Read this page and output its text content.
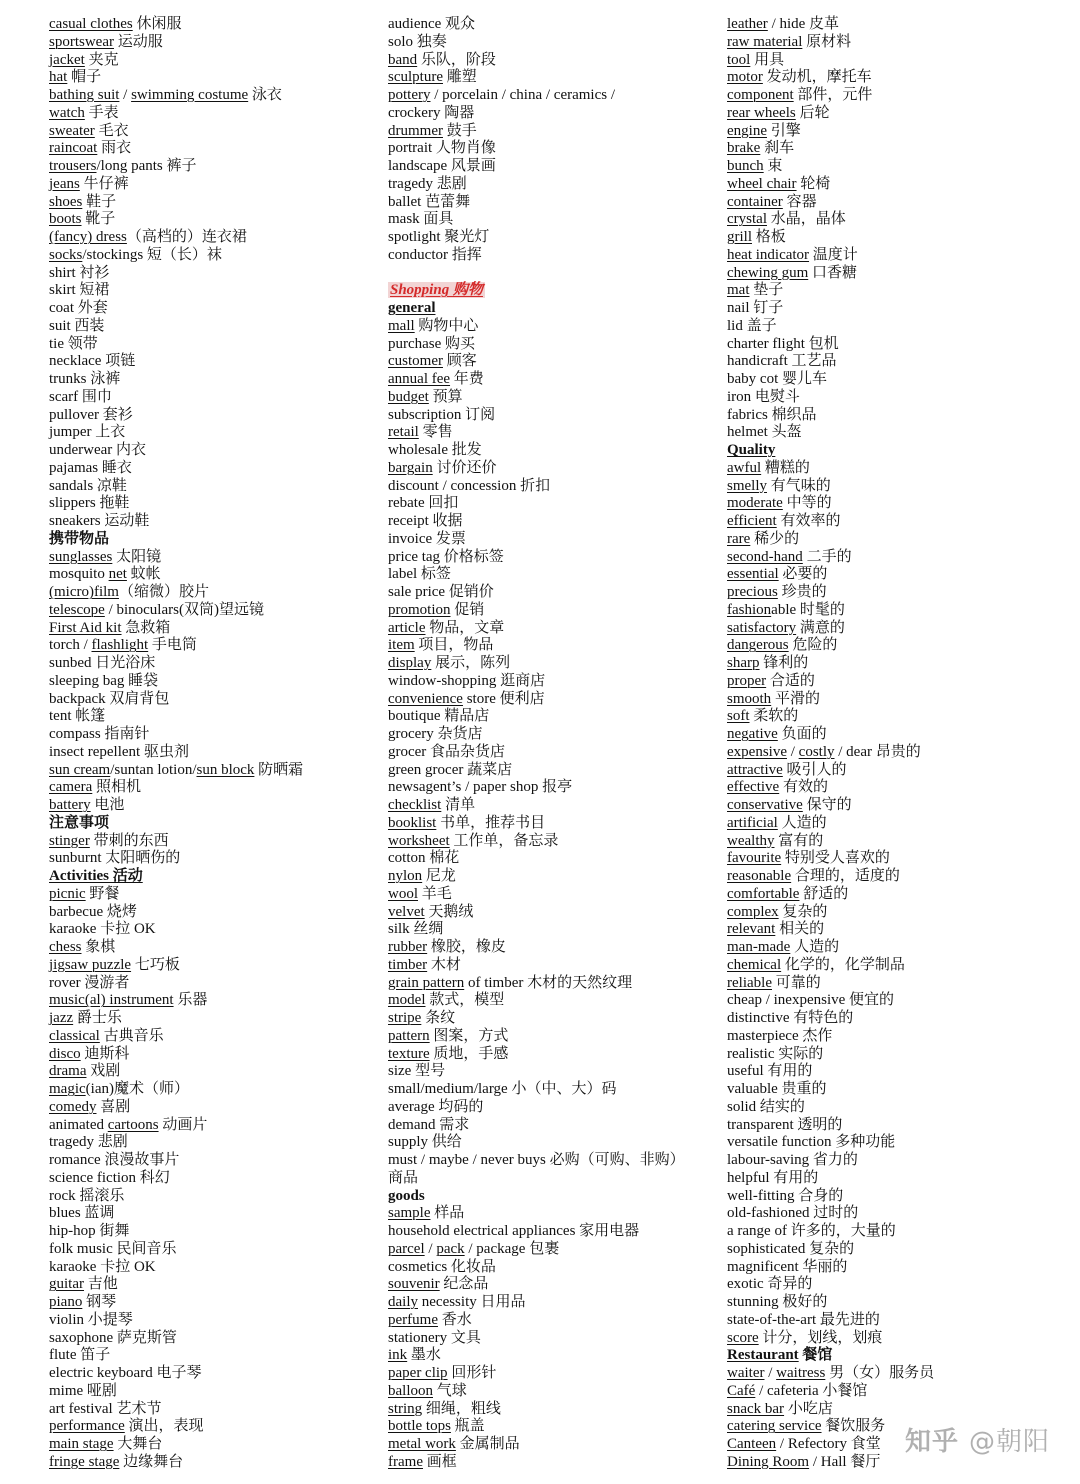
casual clothes 休闲服
sportswear 运动服
jacket 夹克
hat 帽子
bathing suit / swimming costume 泳衣
watch 手表
sweater 毛衣
raincoat 雨衣
trousers/long pants 裤子
jeans 牛仔裤
shoes 鞋子
boots 靴子
(fancy) dress（高档的）连衣裙
socks/stockings 短（长）袜
shirt 衬衫
skirt 短裙
coat 外套
suit 西装
tie 领带
necklace 项链
trunks 泳裤
scarf 围巾
pullover 套衫
jumper 上衣
underwear 内衣
pajamas 睡衣
sandals 凉鞋
slippers 拖鞋
sneakers 运动鞋
携带物品
sunglasses 太阳镜
mosquito net 蚊帐
(micro)film（缩微）胶片
telescope / binoculars(双筒)望远镜
First Aid kit 急救箱
torch / flashlight 手电筒
sunbed 日光浴床
sleeping bag 睡袋
backpack 双肩背包
tent 帐篷
compass 指南针
insect repellent 驱虫剂
sun cream/suntan lotion/sun block 防晒霜
camera 照相机
battery 电池
注意事项
stinger 带刺的东西
sunburnt 太阳晒伤的
Activities 活动
picnic 野餐
barbecue 烧烤
karaoke 卡拉 OK
chess 象棋
jigsaw puzzle 七巧板
rover 漫游者
music(al) instrument 乐器
jazz 爵士乐
classical 古典音乐
disco 迪斯科
drama 戏剧
magic(ian)魔术（师）
comedy 喜剧
animated cartoons 动画片
tragedy 悲剧
romance 浪漫故事片
science fiction 科幻
rock 摇滚乐
blues 蓝调
hip-hop 街舞
folk music 民间音乐
karaoke 卡拉 OK
guitar 吉他
piano 钢琴
violin 小提琴
saxophone 萨克斯管
flute 笛子
electric keyboard 电子琴
mime 哑剧
art festival 艺术节
performance 演出，表现
main stage 大舞台
fringe stage 边缘舞台
audience 观众
solo 独奏
band 乐队，阶段
sculpture 雕塑
pottery / porcelain / china / ceramics /
crockery 陶器
drummer 鼓手
portrait 人物肖像
landscape 风景画
tragedy 悲剧
ballet 芭蕾舞
mask 面具
spotlight 聚光灯
conductor 指挥
Shopping 购物
general
mall 购物中心
purchase 购买
customer 顾客
annual fee 年费
budget 预算
subscription 订阅
retail 零售
wholesale 批发
bargain 讨价还价
discount / concession 折扣
rebate 回扣
receipt 收据
invoice 发票
price tag 价格标签
label 标签
sale price 促销价
promotion 促销
article 物品，文章
item 项目，物品
display 展示，陈列
window-shopping 逛商店
convenience store 便利店
boutique 精品店
grocery 杂货店
grocer 食品杂货店
green grocer 蔬菜店
newsagent’s / paper shop 报亭
checklist 清单
booklist 书单，推荐书目
worksheet 工作单，备忘录
cotton 棉花
nylon 尼龙
wool 羊毛
velvet 天鹅绒
silk 丝绸
rubber 橡胶，橡皮
timber 木材
grain pattern of timber 木材的天然纹理
model 款式，模型
stripe 条纹
pattern 图案，方式
texture 质地，手感
size 型号
small/medium/large 小（中、大）码
average 均码的
demand 需求
supply 供给
must / maybe / never buys 必购（可购、非购）
商品
goods
sample 样品
household electrical appliances 家用电器
parcel / pack / package 包裹
cosmetics 化妆品
souvenir 纪念品
daily necessity 日用品
perfume 香水
stationery 文具
ink 墨水
paper clip 回形针
balloon 气球
string 细绳，粗线
bottle tops 瓶盖
metal work 金属制品
frame 画框
leather / hide 皮革
raw material 原材料
tool 用具
motor 发动机，摩托车
component 部件，元件
rear wheels 后轮
engine 引擎
brake 刹车
bunch 束
wheel chair 轮椅
container 容器
crystal 水晶，晶体
grill 格板
heat indicator 温度计
chewing gum 口香糖
mat 垫子
nail 钉子
lid 盖子
charter flight 包机
handicraft 工艺品
baby cot 婴儿车
iron 电熨斗
fabrics 棉织品
helmet 头盔
Quality
awful 糟糕的
smelly 有气味的
moderate 中等的
efficient 有效率的
rare 稀少的
second-hand 二手的
essential 必要的
precious 珍贵的
fashionable 时髦的
satisfactory 满意的
dangerous 危险的
sharp 锋利的
proper 合适的
smooth 平滑的
soft 柔软的
negative 负面的
expensive / costly / dear 昂贵的
attractive 吸引人的
effective 有效的
conservative 保守的
artificial 人造的
wealthy 富有的
favourite 特别受人喜欢的
reasonable 合理的，适度的
comfortable 舒适的
complex 复杂的
relevant 相关的
man-made 人造的
chemical 化学的，化学制品
reliable 可靠的
cheap / inexpensive 便宜的
distinctive 有特色的
masterpiece 杰作
realistic 实际的
useful 有用的
valuable 贵重的
solid 结实的
transparent 透明的
versatile function 多种功能
labour-saving 省力的
helpful 有用的
well-fitting 合身的
old-fashioned 过时的
a range of 许多的，大量的
sophisticated 复杂的
magnificent 华丽的
exotic 奇异的
stunning 极好的
state-of-the-art 最先进的
score 计分，划线，划痕
Restaurant 餐馆
waiter / waitress 男（女）服务员
Café / cafeteria 小餐馆
snack bar 小吃店
catering service 餐饮服务
Canteen / Refectory 食堂
Dining Room / Hall 餐厅
知乎 @朝阳
